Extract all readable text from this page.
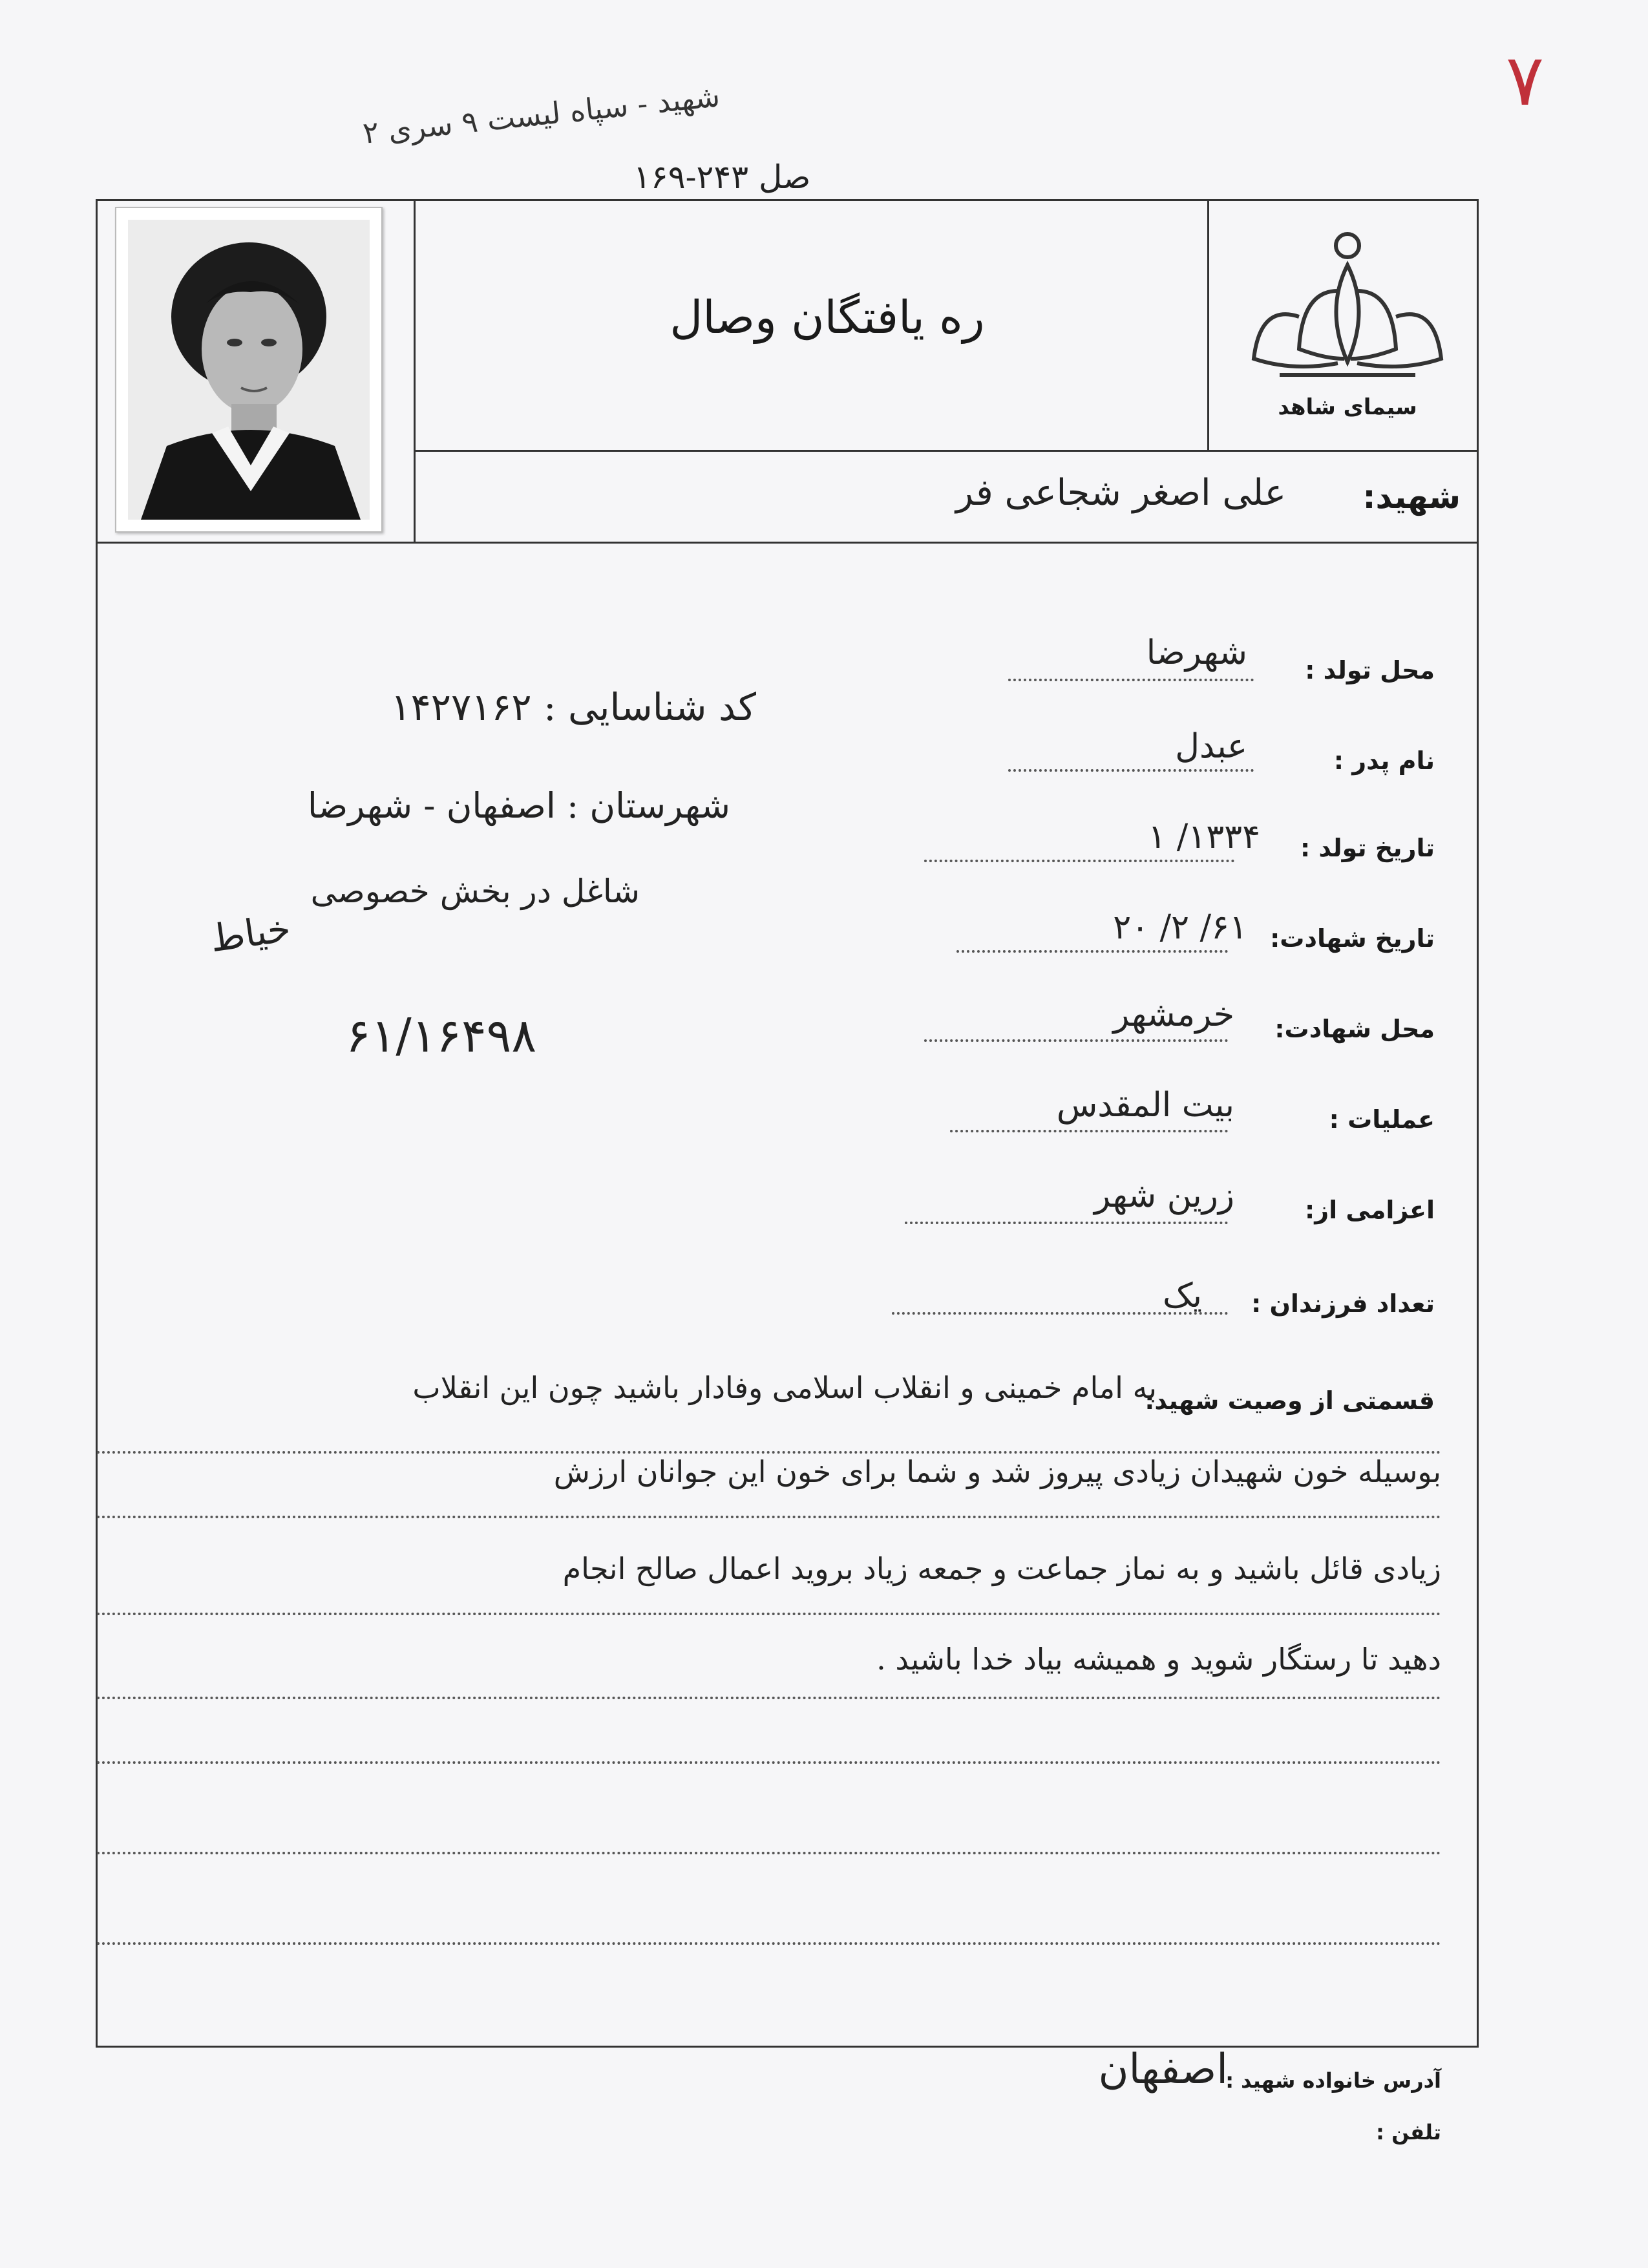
شهید - سپاه لیست ۹ سری ۲
صل ۲۴۳-۱۶۹
۷
ره یافتگان وصال
سیمای شاهد
شهید:
علی اصغر شجاعی فر
محل تولد :
شهرضا
نام پدر :
عبدل
تاریخ تولد :
۱۳۳۴/ ۱
تاریخ شهادت:
۶۱/ ۲/ ۲۰
محل شهادت:
خرمشهر
عملیات :
بیت المقدس
اعزامی از:
زرین شهر
تعداد فرزندان :
یک
کد شناسایی : ۱۴۲۷۱۶۲
شهرستان : اصفهان - شهرضا
شاغل در بخش خصوصی
خیاط
۶۱/۱۶۴۹۸
قسمتی از وصیت شهید:
به امام خمینی و انقلاب اسلامی وفادار باشید چون این انقلاب
بوسیله خون شهیدان زیادی پیروز شد و شما برای خون این جوانان ارزش
زیادی قائل باشید و به نماز جماعت و جمعه زیاد بروید اعمال صالح انجام
دهید تا رستگار شوید و همیشه بیاد خدا باشید .
آدرس خانواده شهید :
اصفهان
تلفن :
